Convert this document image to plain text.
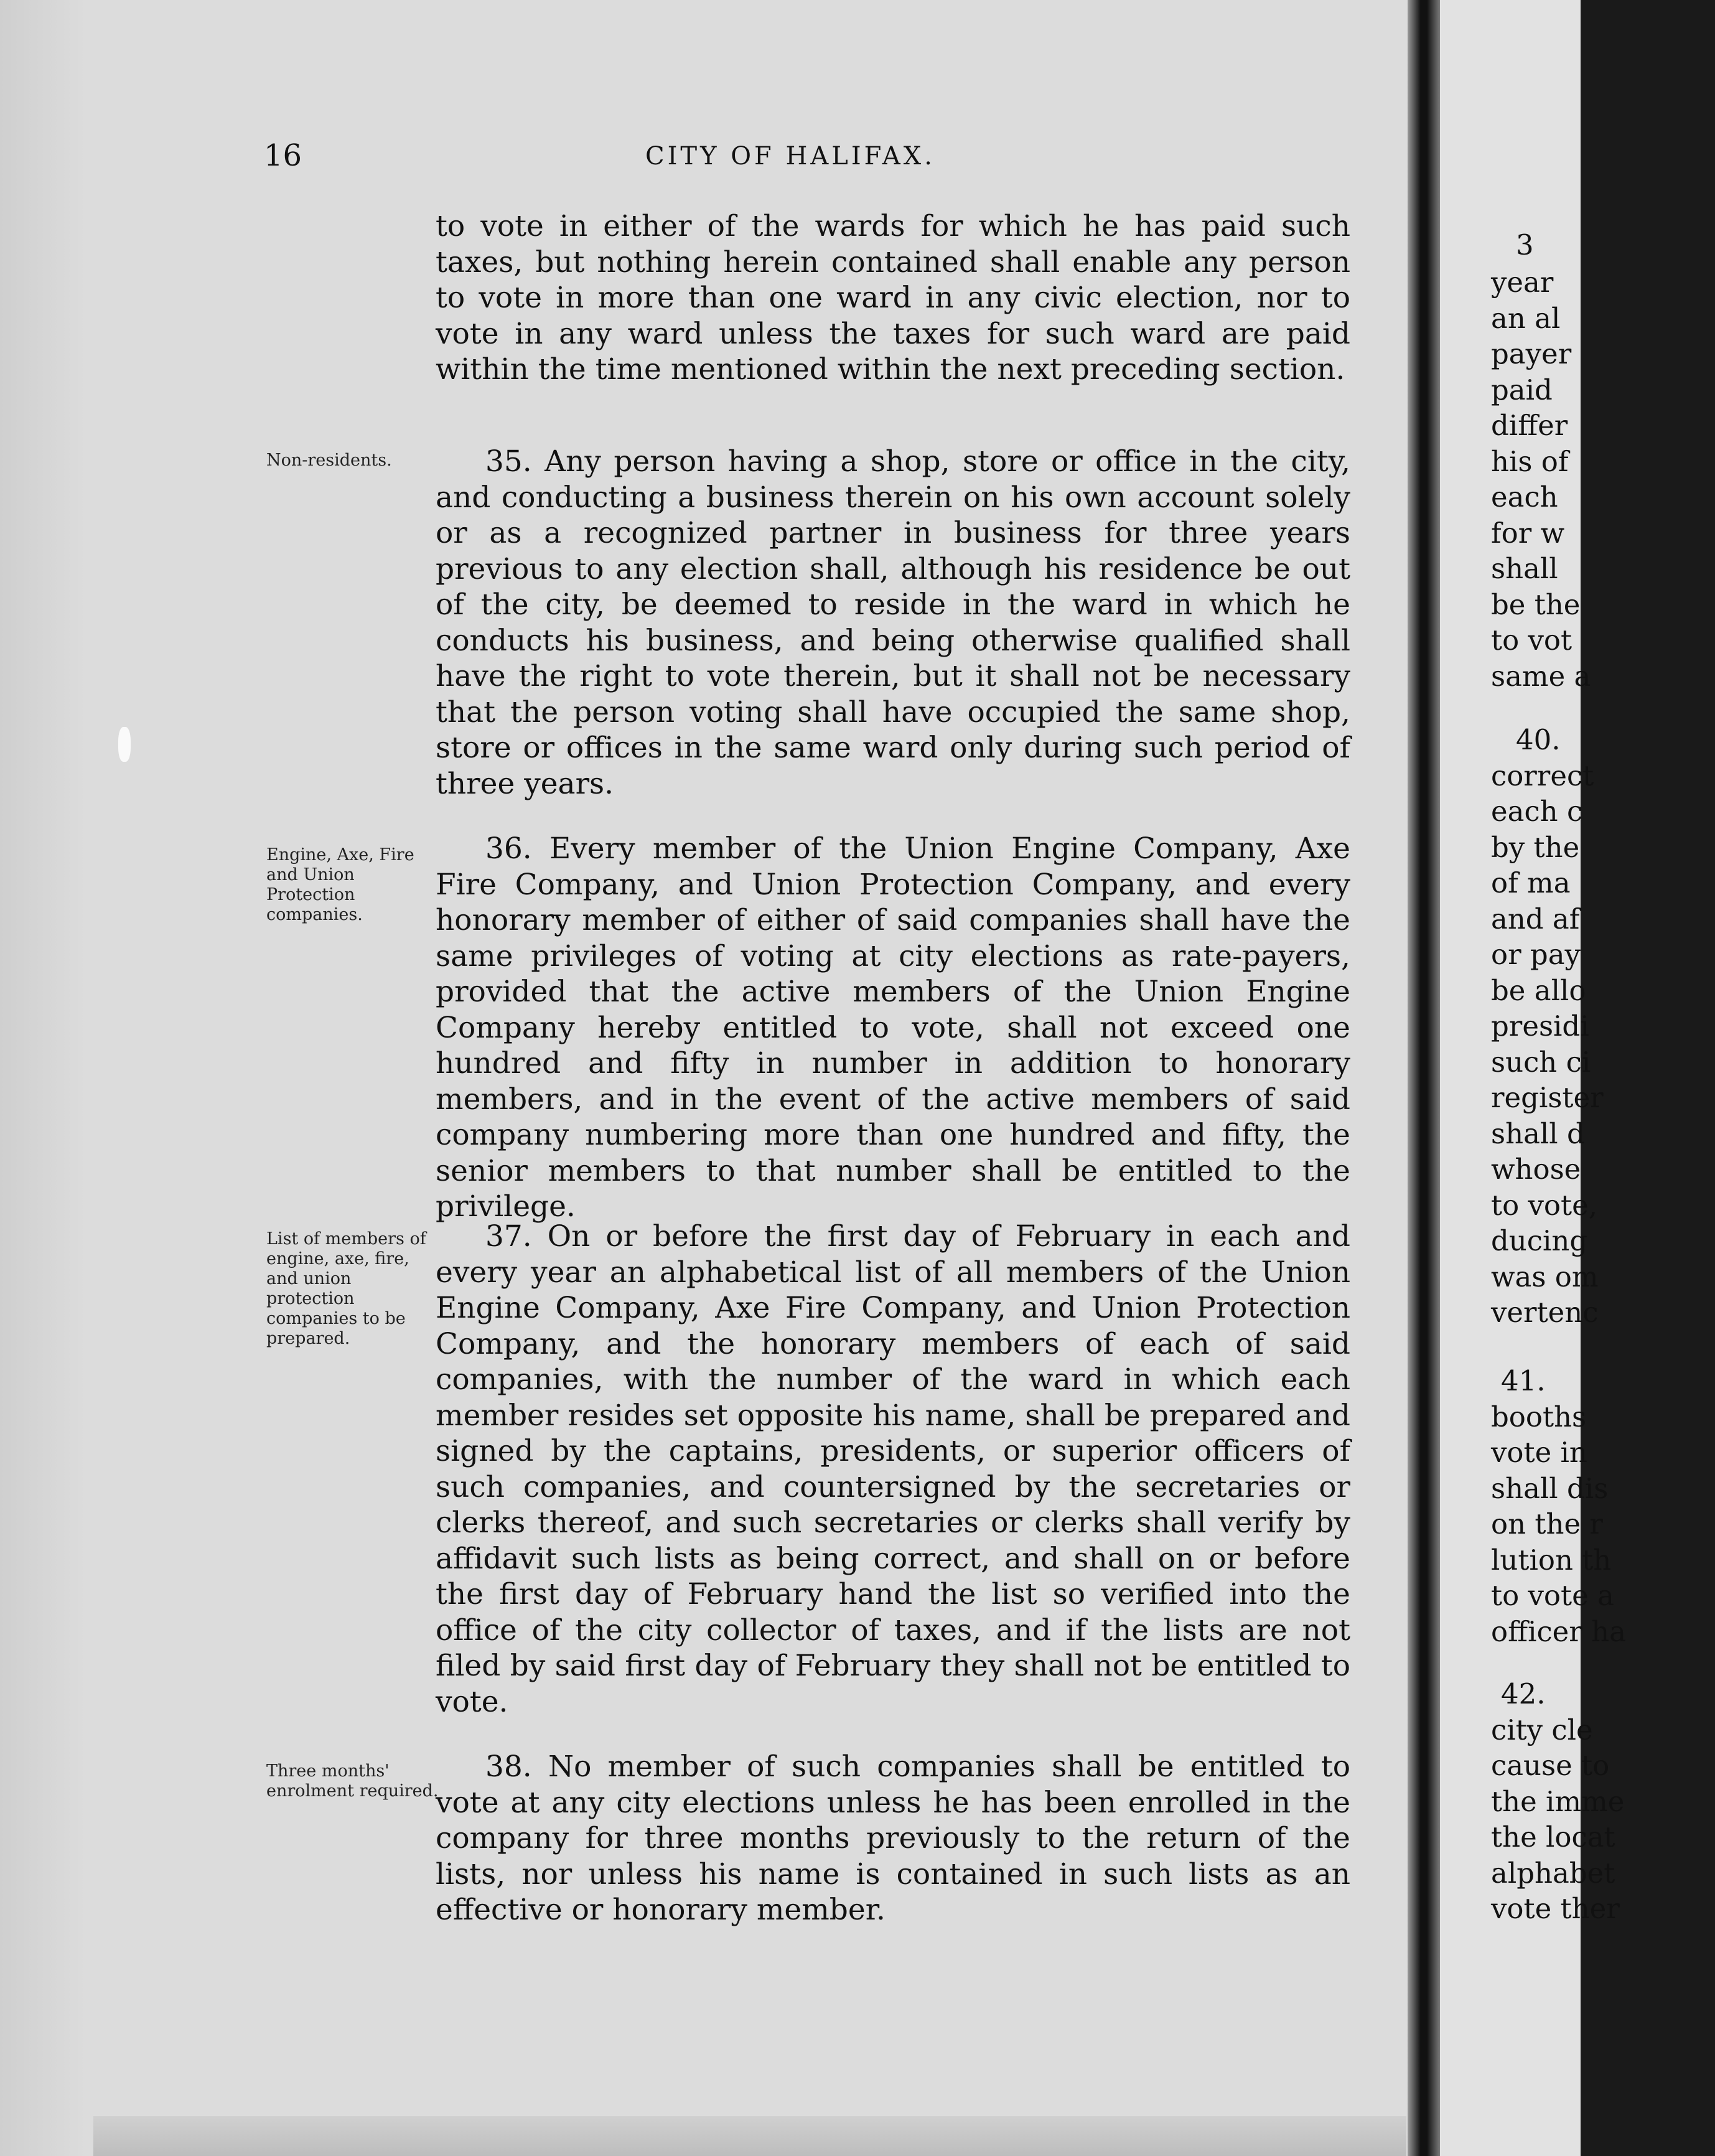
16	CITY OF HALIFAX.

to vote in either of the wards for which he has paid such taxes, but nothing herein contained shall enable any person to vote in more than one ward in any civic election, nor to vote in any ward unless the taxes for such ward are paid within the time mentioned within the next preceding section.

Non-residents.	35. Any person having a shop, store or office in the city, and conducting a business therein on his own account solely or as a recognized partner in business for three years previous to any election shall, although his residence be out of the city, be deemed to reside in the ward in which he conducts his business, and being otherwise qualified shall have the right to vote therein, but it shall not be necessary that the person voting shall have occupied the same shop, store or offices in the same ward only during such period of three years.

Engine, Axe, Fire and Union Protection companies.

36. Every member of the Union Engine Company, Axe Fire Company, and Union Protection Company, and every honorary member of either of said companies shall have the same privileges of voting at city elections as rate-payers, provided that the active members of the Union Engine Company hereby entitled to vote, shall not exceed one hundred and fifty in number in addition to honorary members, and in the event of the active members of said company numbering more than one hundred and fifty, the senior members to that number shall be entitled to the privilege.

List of members of engine, axe, fire, and union protection companies to be prepared.

37. On or before the first day of February in each and every year an alphabetical list of all members of the Union Engine Company, Axe Fire Company, and Union Protection Company, and the honorary members of each of said companies, with the number of the ward in which each member resides set opposite his name, shall be prepared and signed by the captains, presidents, or superior officers of such companies, and countersigned by the secretaries or clerks thereof, and such secretaries or clerks shall verify by affidavit such lists as being correct, and shall on or before the first day of February hand the list so verified into the office of the city collector of taxes, and if the lists are not filed by said first day of February they shall not be entitled to vote.

Three months' enrolment required.

38. No member of such companies shall be entitled to vote at any city elections unless he has been enrolled in the company for three months previously to the return of the lists, nor unless his name is contained in such lists as an effective or honorary member.

3
year
an al
payer
paid
differ
his of
each
for w
shall
be the
to vot
same a
40.
correct
each c
by the
of ma
and af
or pay
be allo
presidi
such ci
register
shall d
whose
to vote,
ducing
was om
vertenc
41.
booths
vote in
shall dis
on the r
lution th
to vote a
officer ha
42.
city cle
cause to
the imme
the locat
alphabet
vote ther
